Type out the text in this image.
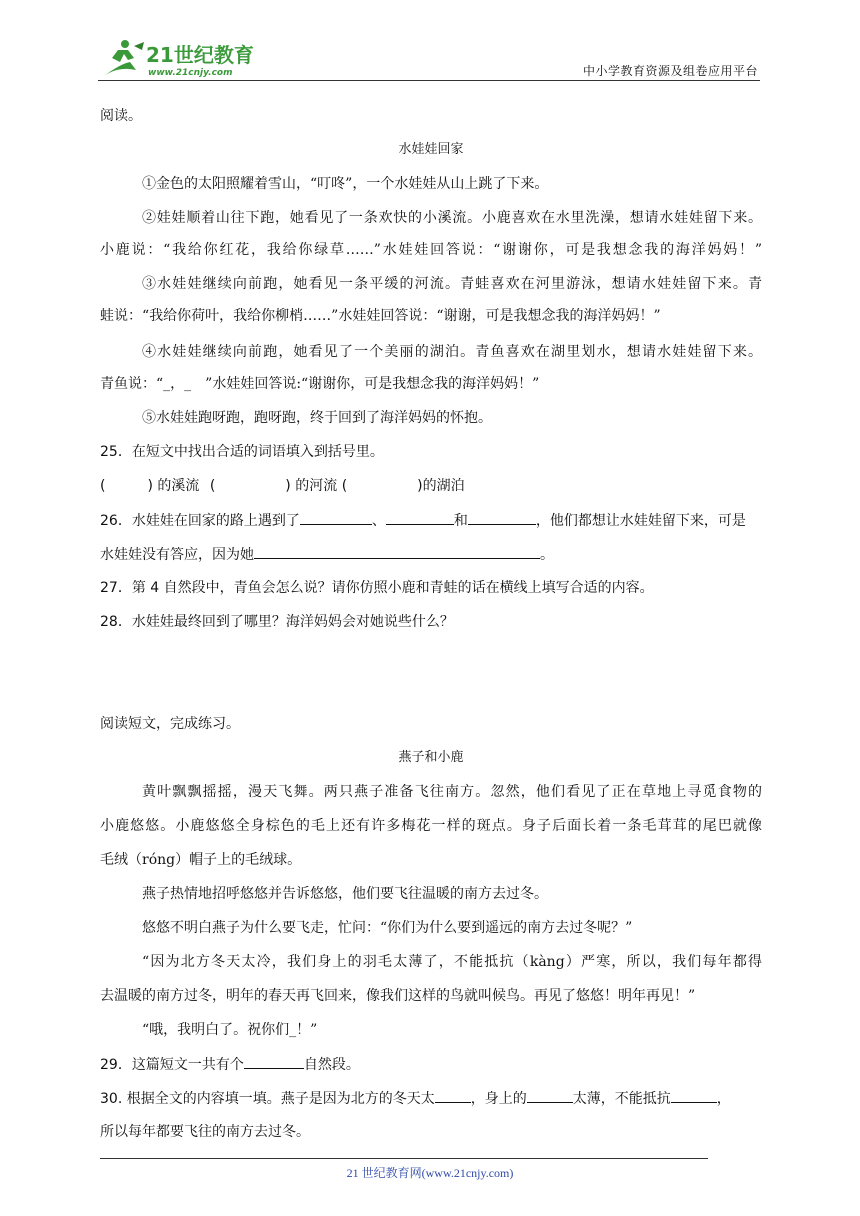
21世纪教育
www.21cnjy.com	中小学教育资源及组卷应用平台
阅读。
水娃娃回家
①金色的太阳照耀着雪山，“叮咚”，一个水娃娃从山上跳了下来。
②娃娃顺着山往下跑，她看见了一条欢快的小溪流。小鹿喜欢在水里洗澡，想请水娃娃留下来。
小鹿说：“我给你红花，我给你绿草……”水娃娃回答说：“谢谢你，可是我想念我的海洋妈妈！”
③水娃娃继续向前跑，她看见一条平缓的河流。青蛙喜欢在河里游泳，想请水娃娃留下来。青
蛙说：“我给你荷叶，我给你柳梢……”水娃娃回答说：“谢谢，可是我想念我的海洋妈妈！”
④水娃娃继续向前跑，她看见了一个美丽的湖泊。青鱼喜欢在湖里划水，想请水娃娃留下来。
青鱼说：“_，_　”水娃娃回答说:“谢谢你，可是我想念我的海洋妈妈！”
⑤水娃娃跑呀跑，跑呀跑，终于回到了海洋妈妈的怀抱。
25．在短文中找出合适的词语填入到括号里。
(　　　) 的溪流 (　　　　　) 的河流 (　　　　　)的湖泊
26．水娃娃在回家的路上遇到了	、	和	，他们都想让水娃娃留下来，可是
水娃娃没有答应，因为她	。
27．第 4 自然段中，青鱼会怎么说？请你仿照小鹿和青蛙的话在横线上填写合适的内容。
28．水娃娃最终回到了哪里？海洋妈妈会对她说些什么？
阅读短文，完成练习。
燕子和小鹿
黄叶飘飘摇摇，漫天飞舞。两只燕子准备飞往南方。忽然，他们看见了正在草地上寻觅食物的
小鹿悠悠。小鹿悠悠全身棕色的毛上还有许多梅花一样的斑点。身子后面长着一条毛茸茸的尾巴就像
毛绒（róng）帽子上的毛绒球。
燕子热情地招呼悠悠并告诉悠悠，他们要飞往温暖的南方去过冬。
悠悠不明白燕子为什么要飞走，忙问：“你们为什么要到遥远的南方去过冬呢？”
“因为北方冬天太冷，我们身上的羽毛太薄了，不能抵抗（kàng）严寒，所以，我们每年都得
去温暖的南方过冬，明年的春天再飞回来，像我们这样的鸟就叫候鸟。再见了悠悠！明年再见！”
“哦，我明白了。祝你们_！”
29．这篇短文一共有个	自然段。
30. 根据全文的内容填一填。燕子是因为北方的冬天太	，身上的	太薄，不能抵抗	，
所以每年都要飞往的南方去过冬。
21 世纪教育网(www.21cnjy.com)
